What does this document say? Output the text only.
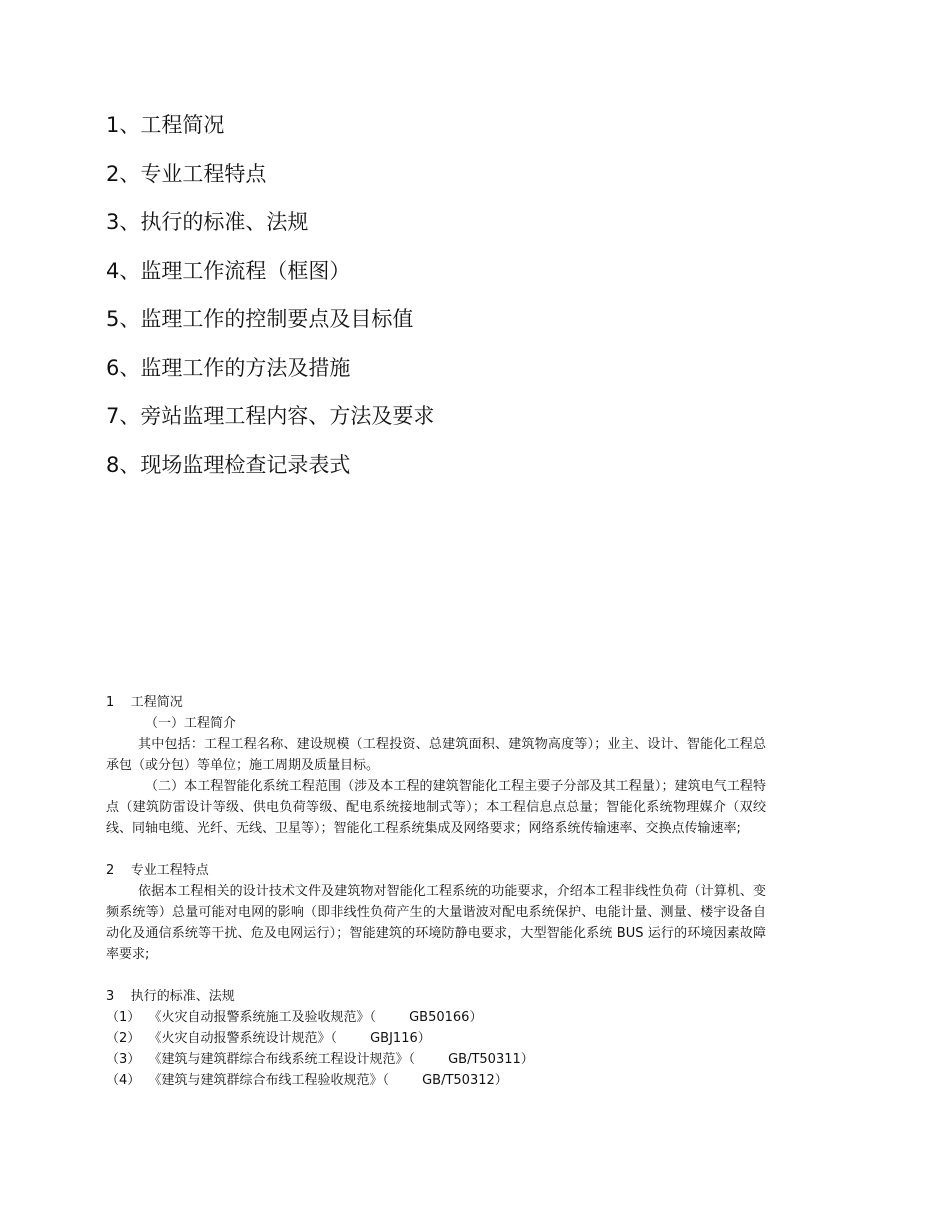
1、工程简况
2、专业工程特点
3、执行的标准、法规
4、监理工作流程（框图）
5、监理工作的控制要点及目标值
6、监理工作的方法及措施
7、旁站监理工程内容、方法及要求
8、现场监理检查记录表式

1    工程简况

（一）工程简介

其中包括：工程工程名称、建设规模（工程投资、总建筑面积、建筑物高度等）；业主、设计、智能化工程总承包（或分包）等单位；施工周期及质量目标。

（二）本工程智能化系统工程范围（涉及本工程的建筑智能化工程主要子分部及其工程量）；建筑电气工程特点（建筑防雷设计等级、供电负荷等级、配电系统接地制式等）；本工程信息点总量；智能化系统物理媒介（双绞线、同轴电缆、光纤、无线、卫星等）；智能化工程系统集成及网络要求；网络系统传输速率、交换点传输速率;

2    专业工程特点

依据本工程相关的设计技术文件及建筑物对智能化工程系统的功能要求，介绍本工程非线性负荷（计算机、变频系统等）总量可能对电网的影响（即非线性负荷产生的大量谐波对配电系统保护、电能计量、测量、楼宇设备自动化及通信系统等干扰、危及电网运行）；智能建筑的环境防静电要求，大型智能化系统 BUS 运行的环境因素故障率要求;

3    执行的标准、法规

（1）  《火灾自动报警系统施工及验收规范》（        GB50166）

（2）  《火灾自动报警系统设计规范》（        GBJ116）

（3）  《建筑与建筑群综合布线系统工程设计规范》（        GB/T50311）

（4）  《建筑与建筑群综合布线工程验收规范》（        GB/T50312）
